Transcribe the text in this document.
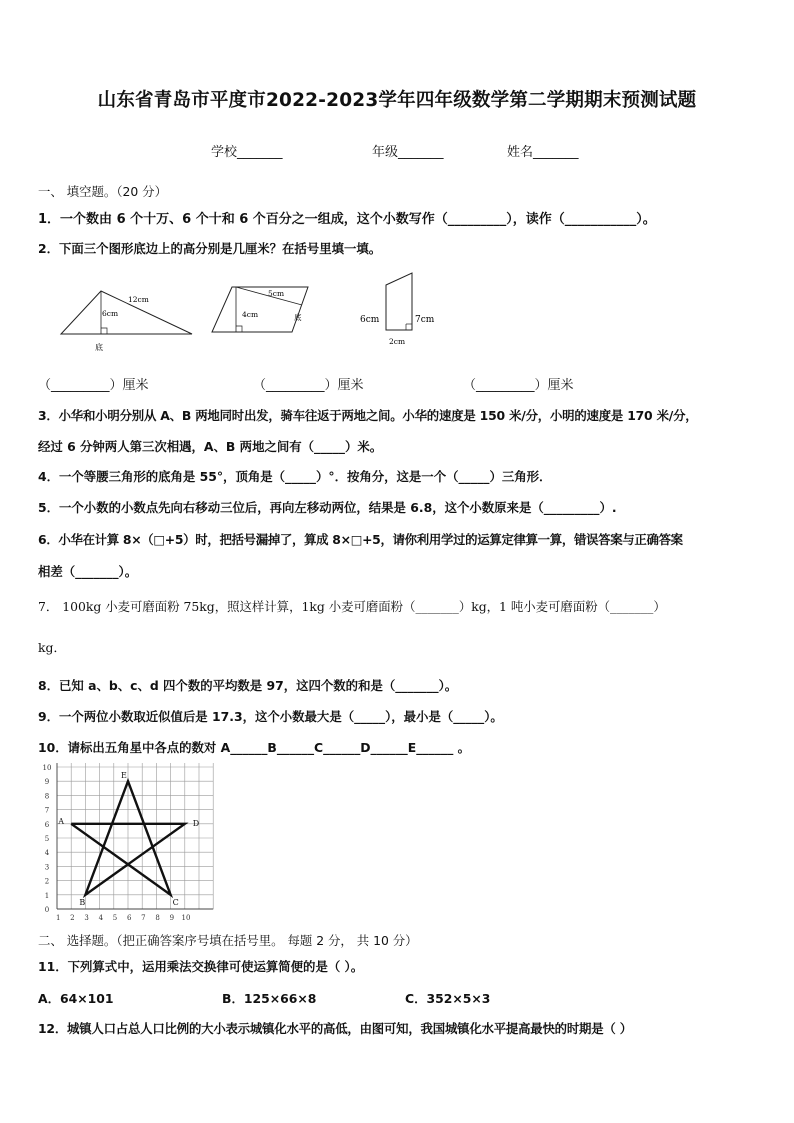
山东省青岛市平度市2022-2023学年四年级数学第二学期期末预测试题
学校_______	年级_______	姓名_______
一、 填空题。（20 分）
1．一个数由 6 个十万、6 个十和 6 个百分之一组成，这个小数写作（_________），读作（___________）。
2．下面三个图形底边上的高分别是几厘米？在括号里填一填。
12cm
6cm
底
5cm
4cm	底	6cm	7cm
2cm
（_________）厘米	（_________）厘米	（_________）厘米
3．小华和小明分别从 A、B 两地同时出发，骑车往返于两地之间。小华的速度是 150 米/分，小明的速度是 170 米/分，
经过 6 分钟两人第三次相遇，A、B 两地之间有（_____）米。
4．一个等腰三角形的底角是 55°，顶角是（_____）°．按角分，这是一个（_____）三角形．
5．一个小数的小数点先向右移动三位后，再向左移动两位，结果是 6.8，这个小数原来是（_________）.
6．小华在计算 8×（□+5）时，把括号漏掉了，算成 8×□+5，请你利用学过的运算定律算一算，错误答案与正确答案
相差（_______）。
7． 100kg 小麦可磨面粉 75kg，照这样计算，1kg 小麦可磨面粉（_______）kg，1 吨小麦可磨面粉（_______）
kg．
8．已知 a、b、c、d 四个数的平均数是 97，这四个数的和是（_______）。
9．一个两位小数取近似值后是 17.3，这个小数最大是（_____），最小是（_____）。
10．请标出五角星中各点的数对 A______B______C______D______E______ 。
10
9
8
7
6
5
4
3
2
1
0
1 2 3 4 5 6 7 8 9 10
A
B	C
D
E
二、 选择题。（把正确答案序号填在括号里。 每题 2 分， 共 10 分）
11．下列算式中，运用乘法交换律可使运算简便的是（ ）。
A．64×101	B．125×66×8	C．352×5×3
12．城镇人口占总人口比例的大小表示城镇化水平的高低，由图可知，我国城镇化水平提高最快的时期是（ ）
